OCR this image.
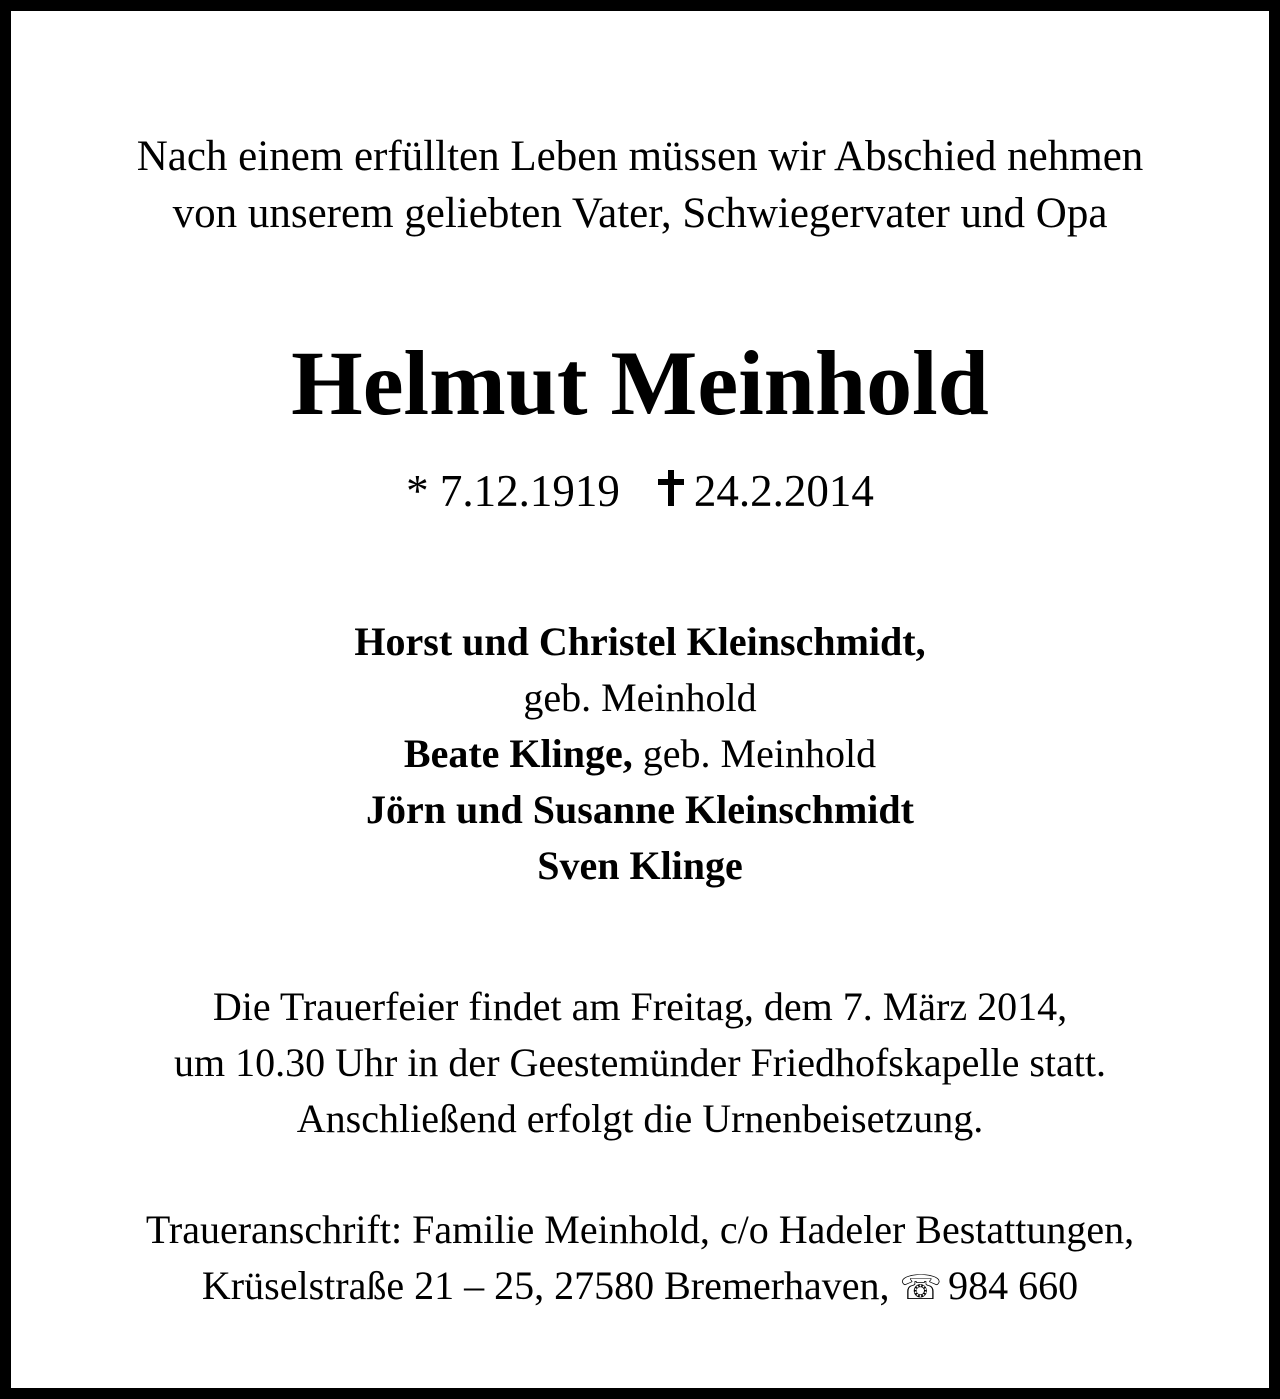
Nach einem erfüllten Leben müssen wir Abschied nehmen
von unserem geliebten Vater, Schwiegervater und Opa
Helmut Meinhold
* 7.12.1919 24.2.2014
Horst und Christel Kleinschmidt,
geb. Meinhold
Beate Klinge, geb. Meinhold
Jörn und Susanne Kleinschmidt
Sven Klinge
Die Trauerfeier findet am Freitag, dem 7. März 2014,
um 10.30 Uhr in der Geestemünder Friedhofskapelle statt.
Anschließend erfolgt die Urnenbeisetzung.
Traueranschrift: Familie Meinhold, c/o Hadeler Bestattungen,
Krüselstraße 21 – 25, 27580 Bremerhaven, ☏ 984 660
